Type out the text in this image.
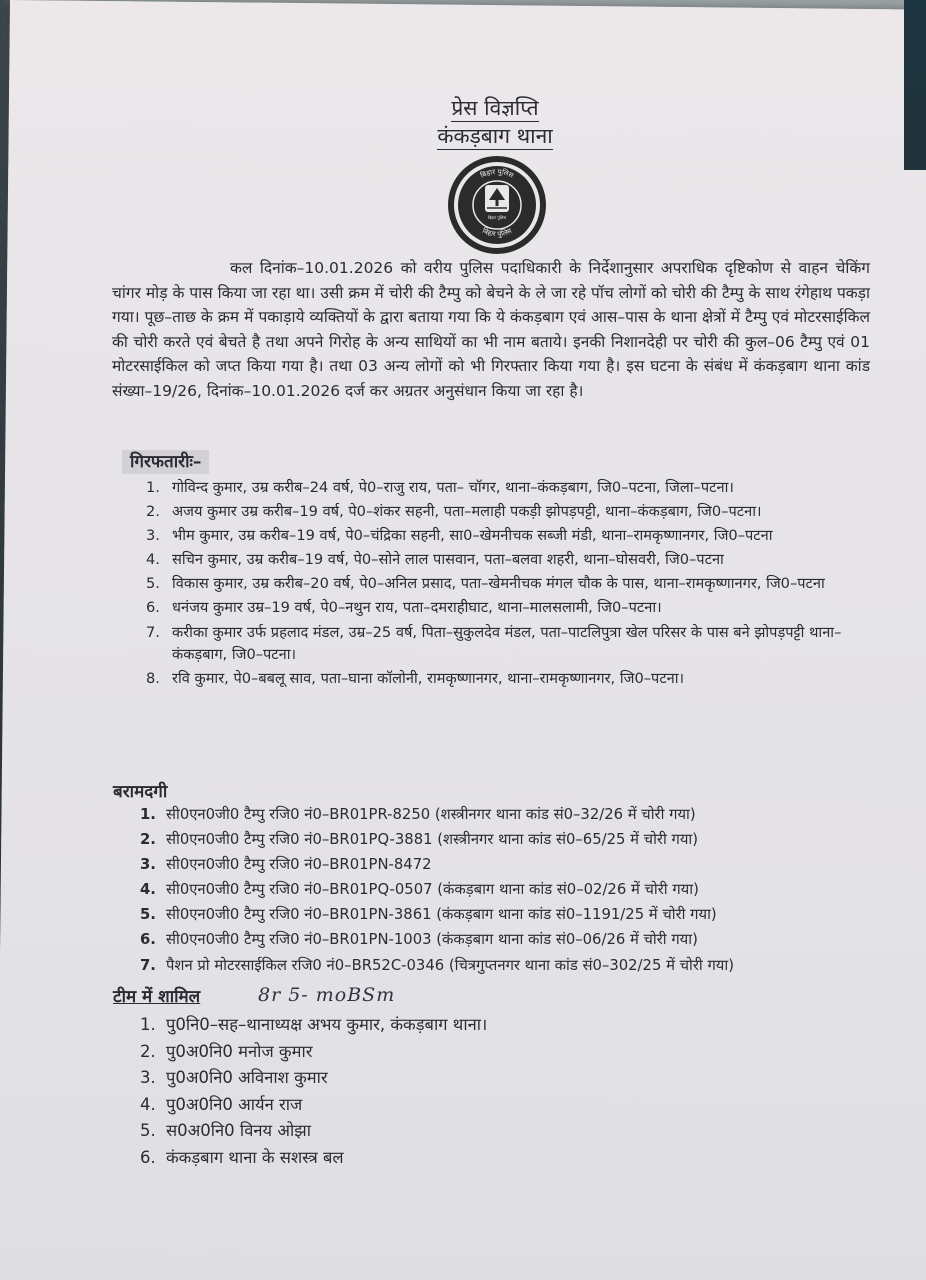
प्रेस विज्ञप्ति
कंकड़बाग थाना
बिहार पुलिस
बिहार पुलिस
बिहार पुलिस

कल दिनांक–10.01.2026 को वरीय पुलिस पदाधिकारी के निर्देशानुसार अपराधिक दृष्टिकोण से वाहन चेकिंग चांगर मोड़ के पास किया जा रहा था। उसी क्रम में चोरी की टैम्पु को बेचने के ले जा रहे पॉच लोगों को चोरी की टैम्पु के साथ रंगेहाथ पकड़ा गया। पूछ–ताछ के क्रम में पकाड़ाये व्यक्तियों के द्वारा बताया गया कि ये कंकड़बाग एवं आस–पास के थाना क्षेत्रों में टैम्पु एवं मोटरसाईकिल की चोरी करते एवं बेचते है तथा अपने गिरोह के अन्य साथियों का भी नाम बताये। इनकी निशानदेही पर चोरी की कुल–06 टैम्पु एवं 01 मोटरसाईकिल को जप्त किया गया है। तथा 03 अन्य लोगों को भी गिरफ्तार किया गया है। इस घटना के संबंध में कंकड़बाग थाना कांड संख्या–19/26, दिनांक–10.01.2026 दर्ज कर अग्रतर अनुसंधान किया जा रहा है।

गिरफतारीः–
1. गोविन्द कुमार, उम्र करीब–24 वर्ष, पे0–राजु राय, पता– चॉगर, थाना–कंकड़बाग, जि0–पटना, जिला–पटना।
2. अजय कुमार उम्र करीब–19 वर्ष, पे0–शंकर सहनी, पता–मलाही पकड़ी झोपड़पट्टी, थाना–कंकड़बाग, जि0–पटना।
3. भीम कुमार, उम्र करीब–19 वर्ष, पे0–चंद्रिका सहनी, सा0–खेमनीचक सब्जी मंडी, थाना–रामकृष्णानगर, जि0–पटना
4. सचिन कुमार, उम्र करीब–19 वर्ष, पे0–सोने लाल पासवान, पता–बलवा शहरी, थाना–घोसवरी, जि0–पटना
5. विकास कुमार, उम्र करीब–20 वर्ष, पे0–अनिल प्रसाद, पता–खेमनीचक मंगल चौक के पास, थाना–रामकृष्णानगर, जि0–पटना
6. धनंजय कुमार उम्र–19 वर्ष, पे0–नथुन राय, पता–दमराहीघाट, थाना–मालसलामी, जि0–पटना।
7. करीका कुमार उर्फ प्रहलाद मंडल, उम्र–25 वर्ष, पिता–सुकुलदेव मंडल, पता–पाटलिपुत्रा खेल परिसर के पास बने झोपड़पट्टी थाना–कंकड़बाग, जि0–पटना।
8. रवि कुमार, पे0–बबलू साव, पता–घाना कॉलोनी, रामकृष्णानगर, थाना–रामकृष्णानगर, जि0–पटना।
बरामदगी
1. सी0एन0जी0 टैम्पु रजि0 नं0–BR01PR-8250 (शस्त्रीनगर थाना कांड सं0–32/26 में चोरी गया)
2. सी0एन0जी0 टैम्पु रजि0 नं0–BR01PQ-3881 (शस्त्रीनगर थाना कांड सं0–65/25 में चोरी गया)
3. सी0एन0जी0 टैम्पु रजि0 नं0–BR01PN-8472
4. सी0एन0जी0 टैम्पु रजि0 नं0–BR01PQ-0507 (कंकड़बाग थाना कांड सं0–02/26 में चोरी गया)
5. सी0एन0जी0 टैम्पु रजि0 नं0–BR01PN-3861 (कंकड़बाग थाना कांड सं0–1191/25 में चोरी गया)
6. सी0एन0जी0 टैम्पु रजि0 नं0–BR01PN-1003 (कंकड़बाग थाना कांड सं0–06/26 में चोरी गया)
7. पैशन प्रो मोटरसाईकिल रजि0 नं0–BR52C-0346 (चित्रगुप्तनगर थाना कांड सं0–302/25 में चोरी गया)
टीम में शामिल	8r 5- moBSm
1. पु0नि0–सह–थानाध्यक्ष अभय कुमार, कंकड़बाग थाना।
2. पु0अ0नि0 मनोज कुमार
3. पु0अ0नि0 अविनाश कुमार
4. पु0अ0नि0 आर्यन राज
5. स0अ0नि0 विनय ओझा
6. कंकड़बाग थाना के सशस्त्र बल
